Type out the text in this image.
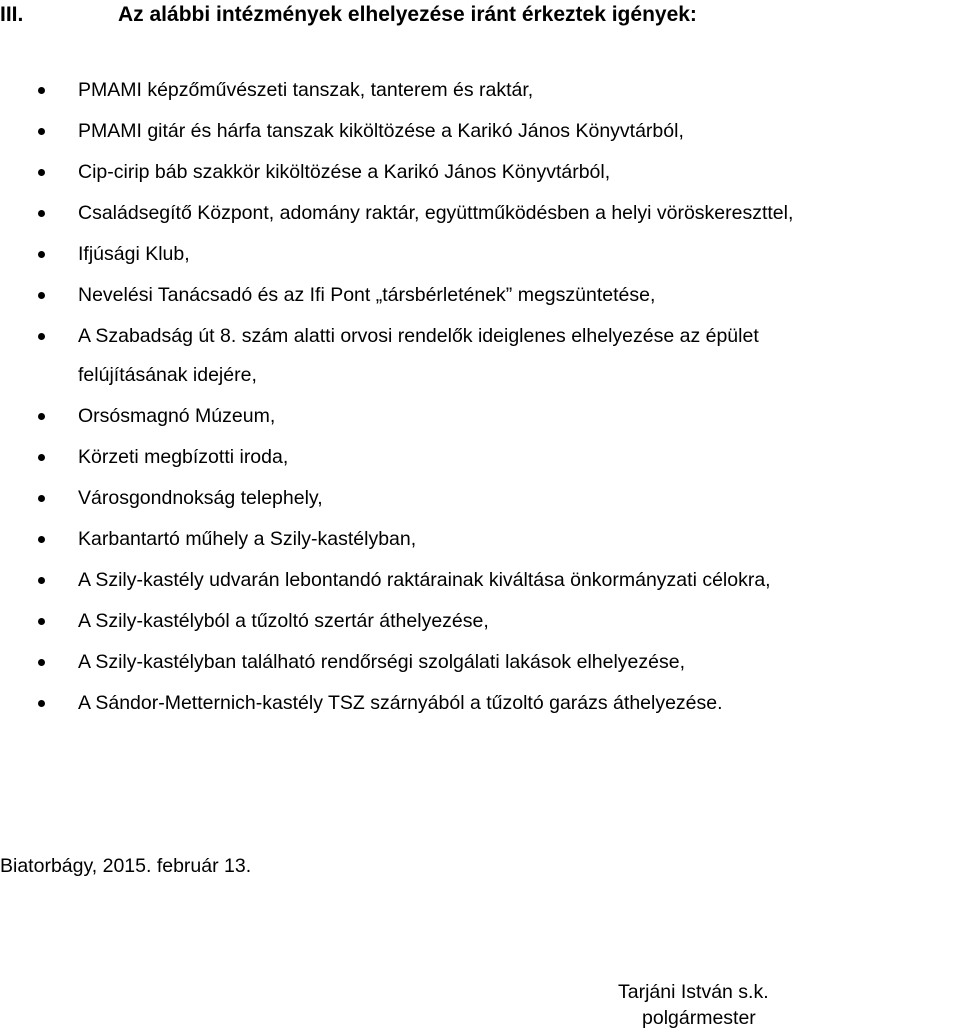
III.	Az alábbi intézmények elhelyezése iránt érkeztek igények:
PMAMI képzőművészeti tanszak, tanterem és raktár,
PMAMI gitár és hárfa tanszak kiköltözése a Karikó János Könyvtárból,
Cip-cirip báb szakkör kiköltözése a Karikó János Könyvtárból,
Családsegítő Központ, adomány raktár, együttműködésben a helyi vöröskereszttel,
Ifjúsági Klub,
Nevelési Tanácsadó és az Ifi Pont „társbérletének” megszüntetése,
A Szabadság út 8. szám alatti orvosi rendelők ideiglenes elhelyezése az épület
felújításának idejére,
Orsósmagnó Múzeum,
Körzeti megbízotti iroda,
Városgondnokság telephely,
Karbantartó műhely a Szily-kastélyban,
A Szily-kastély udvarán lebontandó raktárainak kiváltása önkormányzati célokra,
A Szily-kastélyból a tűzoltó szertár áthelyezése,
A Szily-kastélyban található rendőrségi szolgálati lakások elhelyezése,
A Sándor-Metternich-kastély TSZ szárnyából a tűzoltó garázs áthelyezése.
Biatorbágy, 2015. február 13.
Tarjáni István s.k.
polgármester
